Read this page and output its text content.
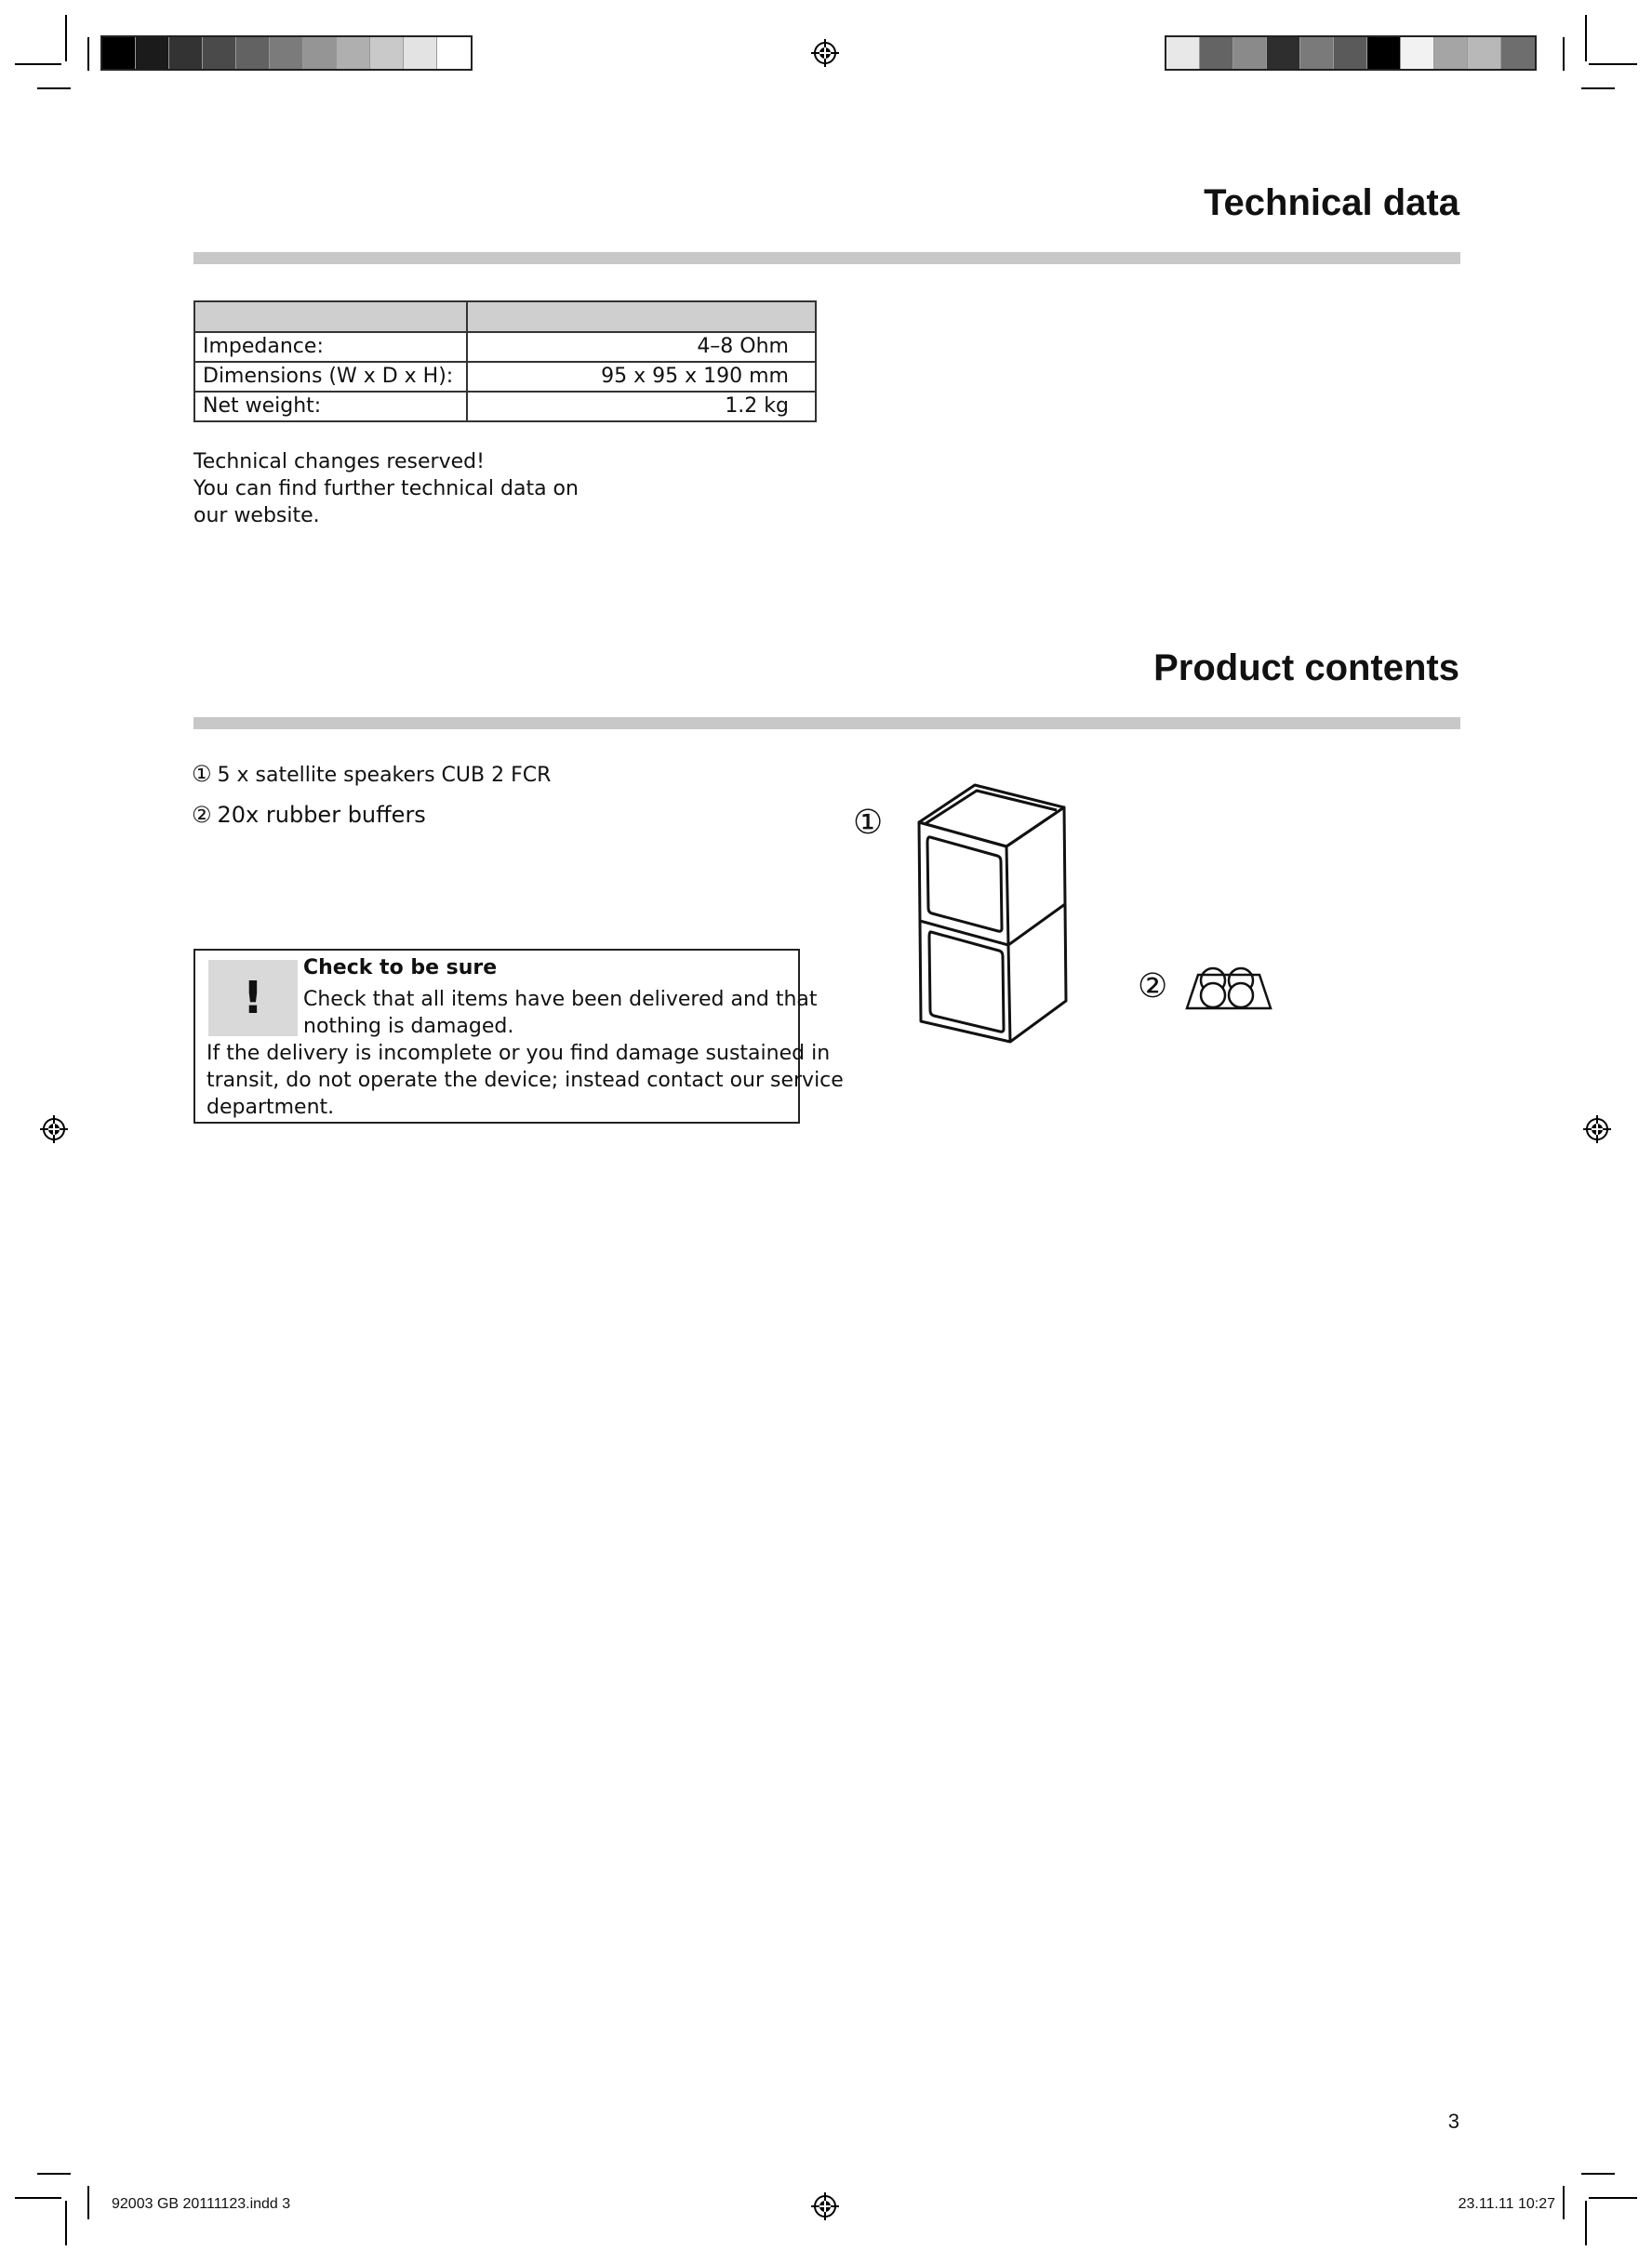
Technical data

Impedance:	4–8 Ohm
Dimensions (W x D x H):	95 x 95 x 190 mm
Net weight:	1.2 kg
Technical changes reserved!
You can find further technical data on
our website.
Product contents
① 5 x satellite speakers CUB 2 FCR
② 20x rubber buffers
!
Check to be sure
Check that all items have been delivered and that
nothing is damaged.
If the delivery is incomplete or you find damage sustained in
transit, do not operate the device; instead contact our service
department.
①
②
3
92003 GB 20111123.indd 3	23.11.11 10:27
